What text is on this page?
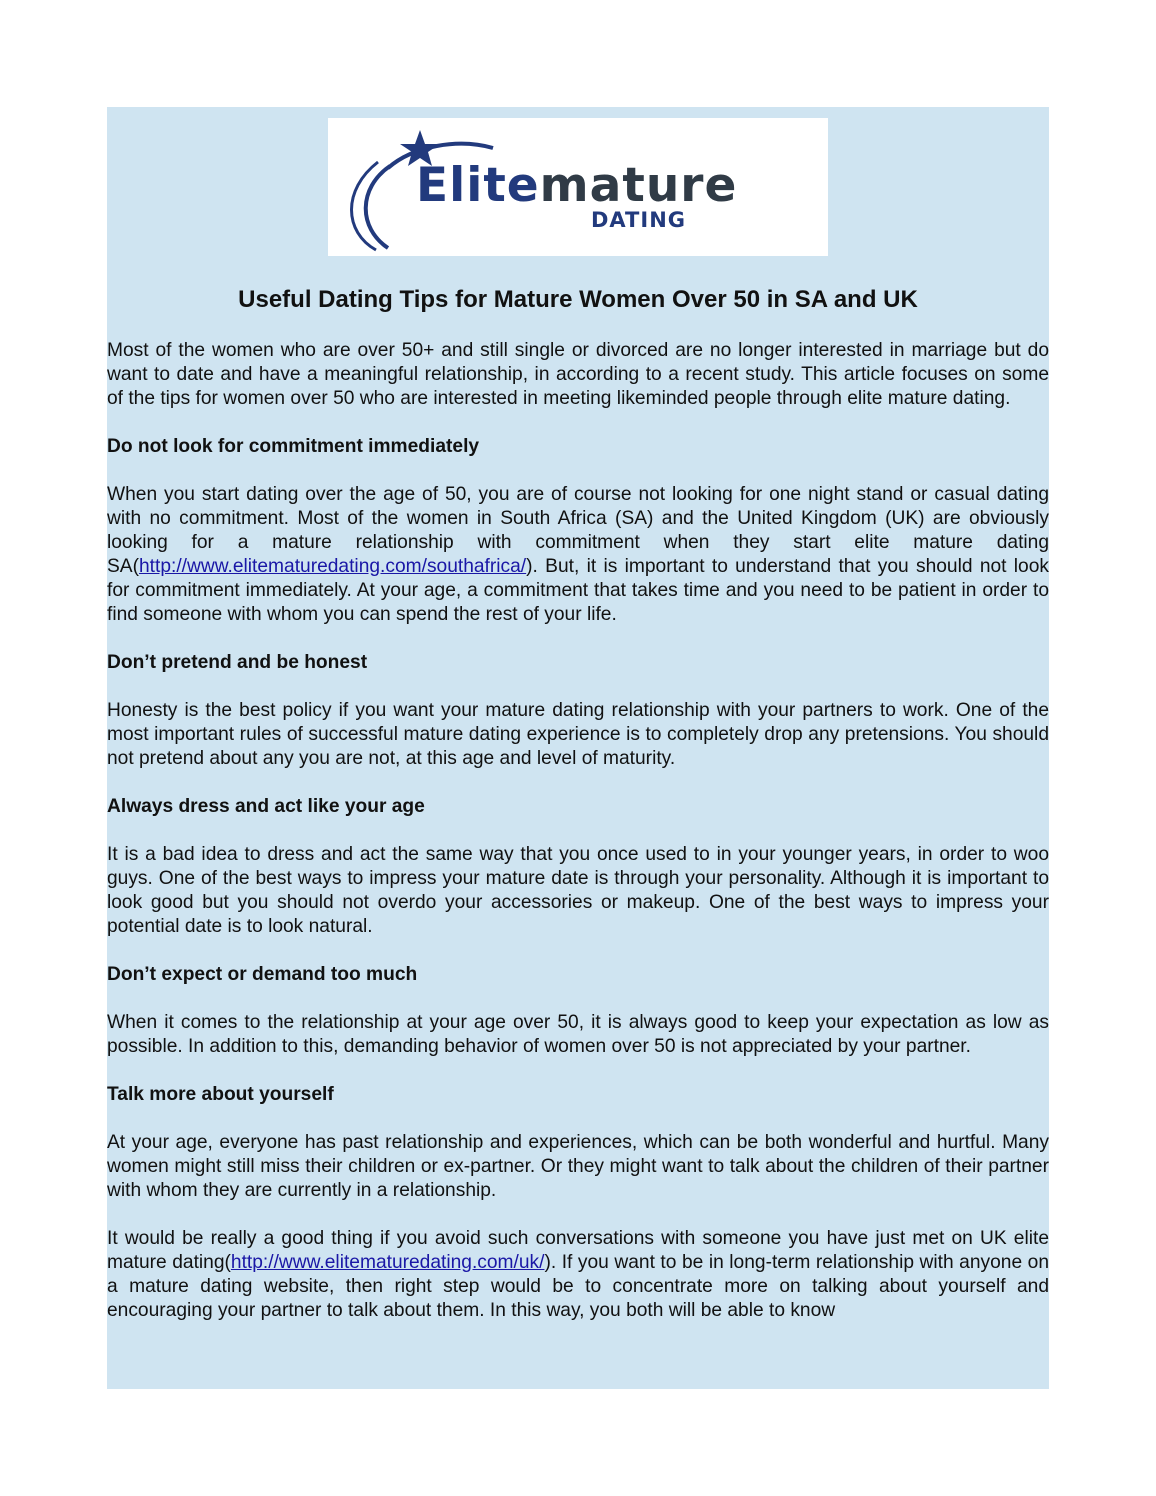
Elitemature
DATING
Useful Dating Tips for Mature Women Over 50 in SA and UK

Most of the women who are over 50+ and still single or divorced are no longer interested in marriage but do want to date and have a meaningful relationship, in according to a recent study. This article focuses on some of the tips for women over 50 who are interested in meeting likeminded people through elite mature dating.

Do not look for commitment immediately

When you start dating over the age of 50, you are of course not looking for one night stand or casual dating with no commitment. Most of the women in South Africa (SA) and the United Kingdom (UK) are obviously looking for a mature relationship with commitment when they start elite mature dating SA(http://www.elitematuredating.com/southafrica/). But, it is important to understand that you should not look for commitment immediately. At your age, a commitment that takes time and you need to be patient in order to find someone with whom you can spend the rest of your life.

Don’t pretend and be honest

Honesty is the best policy if you want your mature dating relationship with your partners to work. One of the most important rules of successful mature dating experience is to completely drop any pretensions. You should not pretend about any you are not, at this age and level of maturity.

Always dress and act like your age

It is a bad idea to dress and act the same way that you once used to in your younger years, in order to woo guys. One of the best ways to impress your mature date is through your personality. Although it is important to look good but you should not overdo your accessories or makeup. One of the best ways to impress your potential date is to look natural.

Don’t expect or demand too much

When it comes to the relationship at your age over 50, it is always good to keep your expectation as low as possible. In addition to this, demanding behavior of women over 50 is not appreciated by your partner.

Talk more about yourself

At your age, everyone has past relationship and experiences, which can be both wonderful and hurtful. Many women might still miss their children or ex-partner. Or they might want to talk about the children of their partner with whom they are currently in a relationship.

It would be really a good thing if you avoid such conversations with someone you have just met on UK elite mature dating(http://www.elitematuredating.com/uk/). If you want to be in long-term relationship with anyone on a mature dating website, then right step would be to concentrate more on talking about yourself and encouraging your partner to talk about them. In this way, you both will be able to know
